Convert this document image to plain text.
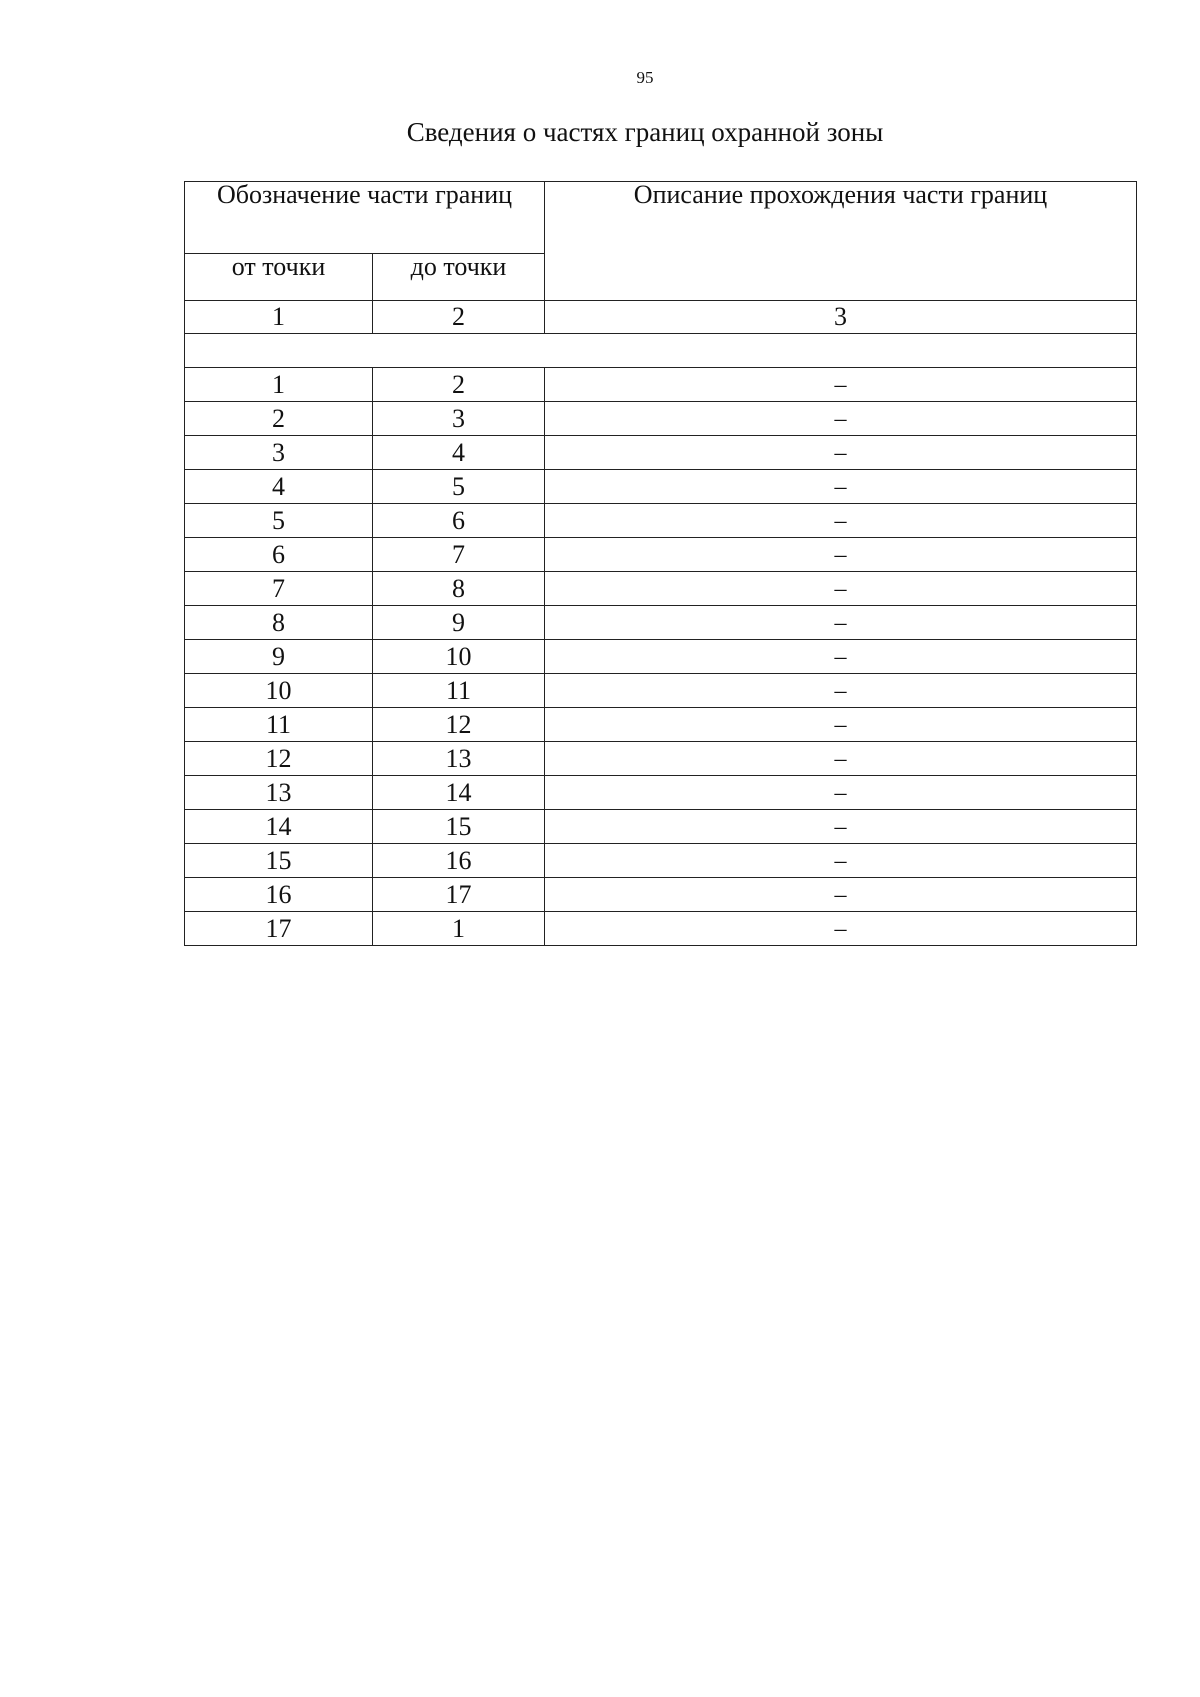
95
Сведения о частях границ охранной зоны
Обозначение части границ		Описание прохождения части границ
от точки	до точки	
1	2	3

1	2	–
2	3	–
3	4	–
4	5	–
5	6	–
6	7	–
7	8	–
8	9	–
9	10	–
10	11	–
11	12	–
12	13	–
13	14	–
14	15	–
15	16	–
16	17	–
17	1	–
